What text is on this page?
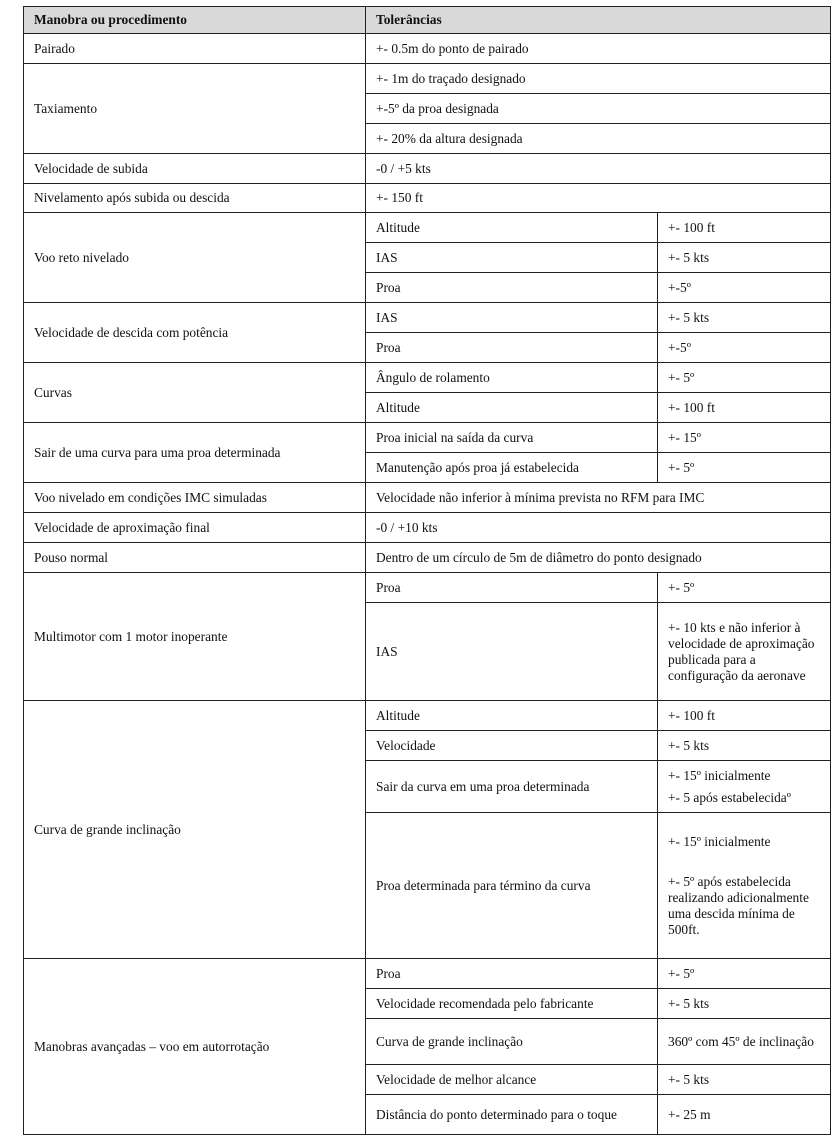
Manobra ou procedimento	Tolerâncias	
Pairado	+- 0.5m do ponto de pairado	
Taxiamento	+- 1m do traçado designado	
	+-5º da proa designada	
	+- 20% da altura designada	
Velocidade de subida	-0 / +5 kts	
Nivelamento após subida ou descida	+- 150 ft	
Voo reto nivelado	Altitude	+- 100 ft
	IAS	+- 5 kts
	Proa	+-5º
Velocidade de descida com potência	IAS	+- 5 kts
	Proa	+-5º
Curvas	Ângulo de rolamento	+- 5º
	Altitude	+- 100 ft
Sair de uma curva para uma proa determinada	Proa inicial na saída da curva	+- 15º
	Manutenção após proa já estabelecida	+- 5º
Voo nivelado em condições IMC simuladas	Velocidade não inferior à mínima prevista no RFM para IMC	
Velocidade de aproximação final	-0 / +10 kts	
Pouso normal	Dentro de um círculo de 5m de diâmetro do ponto designado	
Multimotor com 1 motor inoperante	Proa	+- 5º
	IAS	+- 10 kts e não inferior à velocidade de aproximação publicada para a configuração da aeronave
Curva de grande inclinação	Altitude	+- 100 ft
	Velocidade	+- 5 kts
	Sair da curva em uma proa determinada	+- 15º inicialmente
+- 5 após estabelecidaº

	Proa determinada para término da curva	+- 15º inicialmente
+- 5º após estabelecida realizando adicionalmente uma descida mínima de 500ft.

Manobras avançadas – voo em autorrotação	Proa	+- 5º
	Velocidade recomendada pelo fabricante	+- 5 kts
	Curva de grande inclinação	360º com 45º de inclinação
	Velocidade de melhor alcance	+- 5 kts
	Distância do ponto determinado para o toque	+- 25 m
